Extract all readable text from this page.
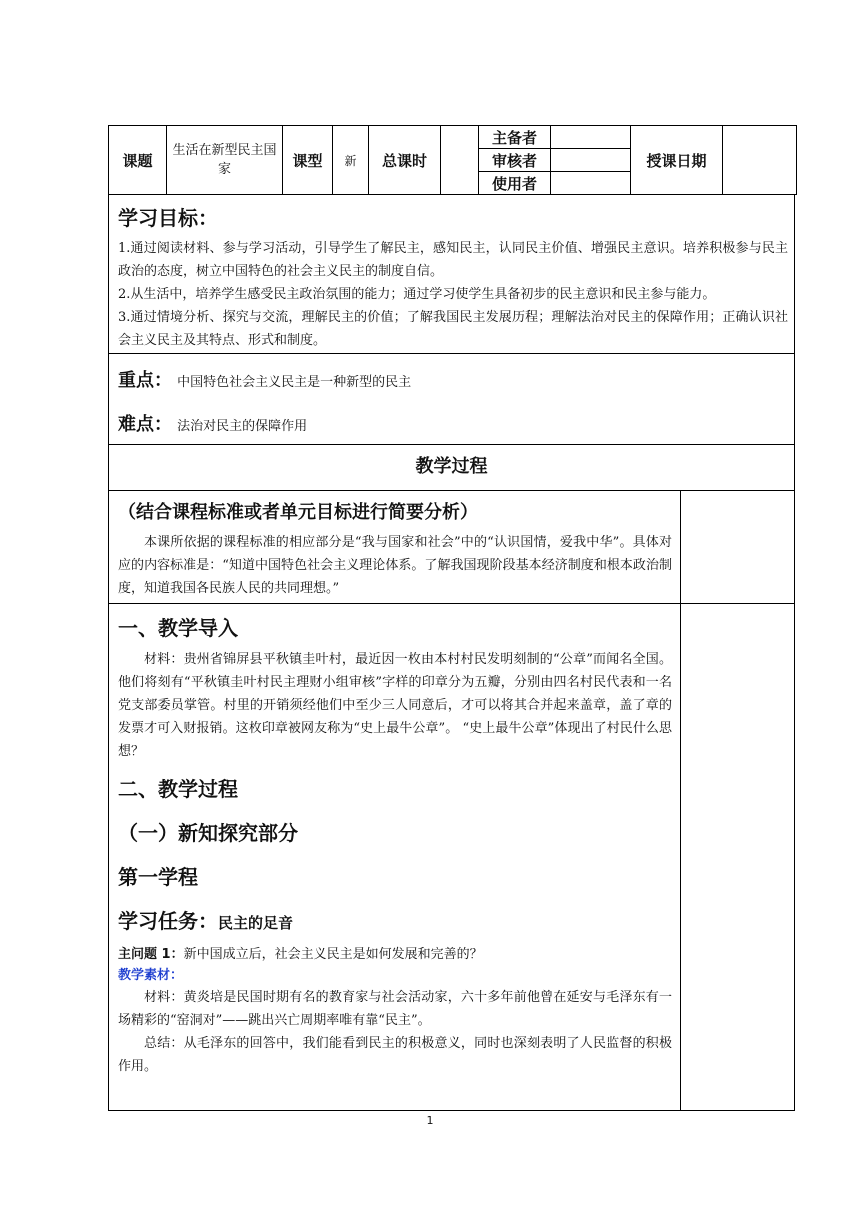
课题	生活在新型民主国家	课型	新	总课时		主备者		授课日期	
						审核者			
						使用者			
学习目标：

1.通过阅读材料、参与学习活动，引导学生了解民主，感知民主，认同民主价值、增强民主意识。培养积极参与民主政治的态度，树立中国特色的社会主义民主的制度自信。

2.从生活中，培养学生感受民主政治氛围的能力；通过学习使学生具备初步的民主意识和民主参与能力。

3.通过情境分析、探究与交流，理解民主的价值；了解我国民主发展历程；理解法治对民主的保障作用；正确认识社会主义民主及其特点、形式和制度。

重点： 中国特色社会主义民主是一种新型的民主
难点： 法治对民主的保障作用
教学过程
（结合课程标准或者单元目标进行简要分析）

本课所依据的课程标准的相应部分是“我与国家和社会”中的“认识国情，爱我中华”。具体对应的内容标准是：“知道中国特色社会主义理论体系。了解我国现阶段基本经济制度和根本政治制度，知道我国各民族人民的共同理想。”

一、教学导入

材料：贵州省锦屏县平秋镇圭叶村，最近因一枚由本村村民发明刻制的“公章”而闻名全国。他们将刻有“平秋镇圭叶村民主理财小组审核”字样的印章分为五瓣，分别由四名村民代表和一名党支部委员掌管。村里的开销须经他们中至少三人同意后，才可以将其合并起来盖章，盖了章的发票才可入财报销。这枚印章被网友称为“史上最牛公章”。 “史上最牛公章”体现出了村民什么思想？

二、教学过程
（一）新知探究部分
第一学程
学习任务：民主的足音

主问题 1：新中国成立后，社会主义民主是如何发展和完善的？

教学素材：

材料：黄炎培是民国时期有名的教育家与社会活动家，六十多年前他曾在延安与毛泽东有一场精彩的“窑洞对”——跳出兴亡周期率唯有靠“民主”。

总结：从毛泽东的回答中，我们能看到民主的积极意义，同时也深刻表明了人民监督的积极作用。

1
